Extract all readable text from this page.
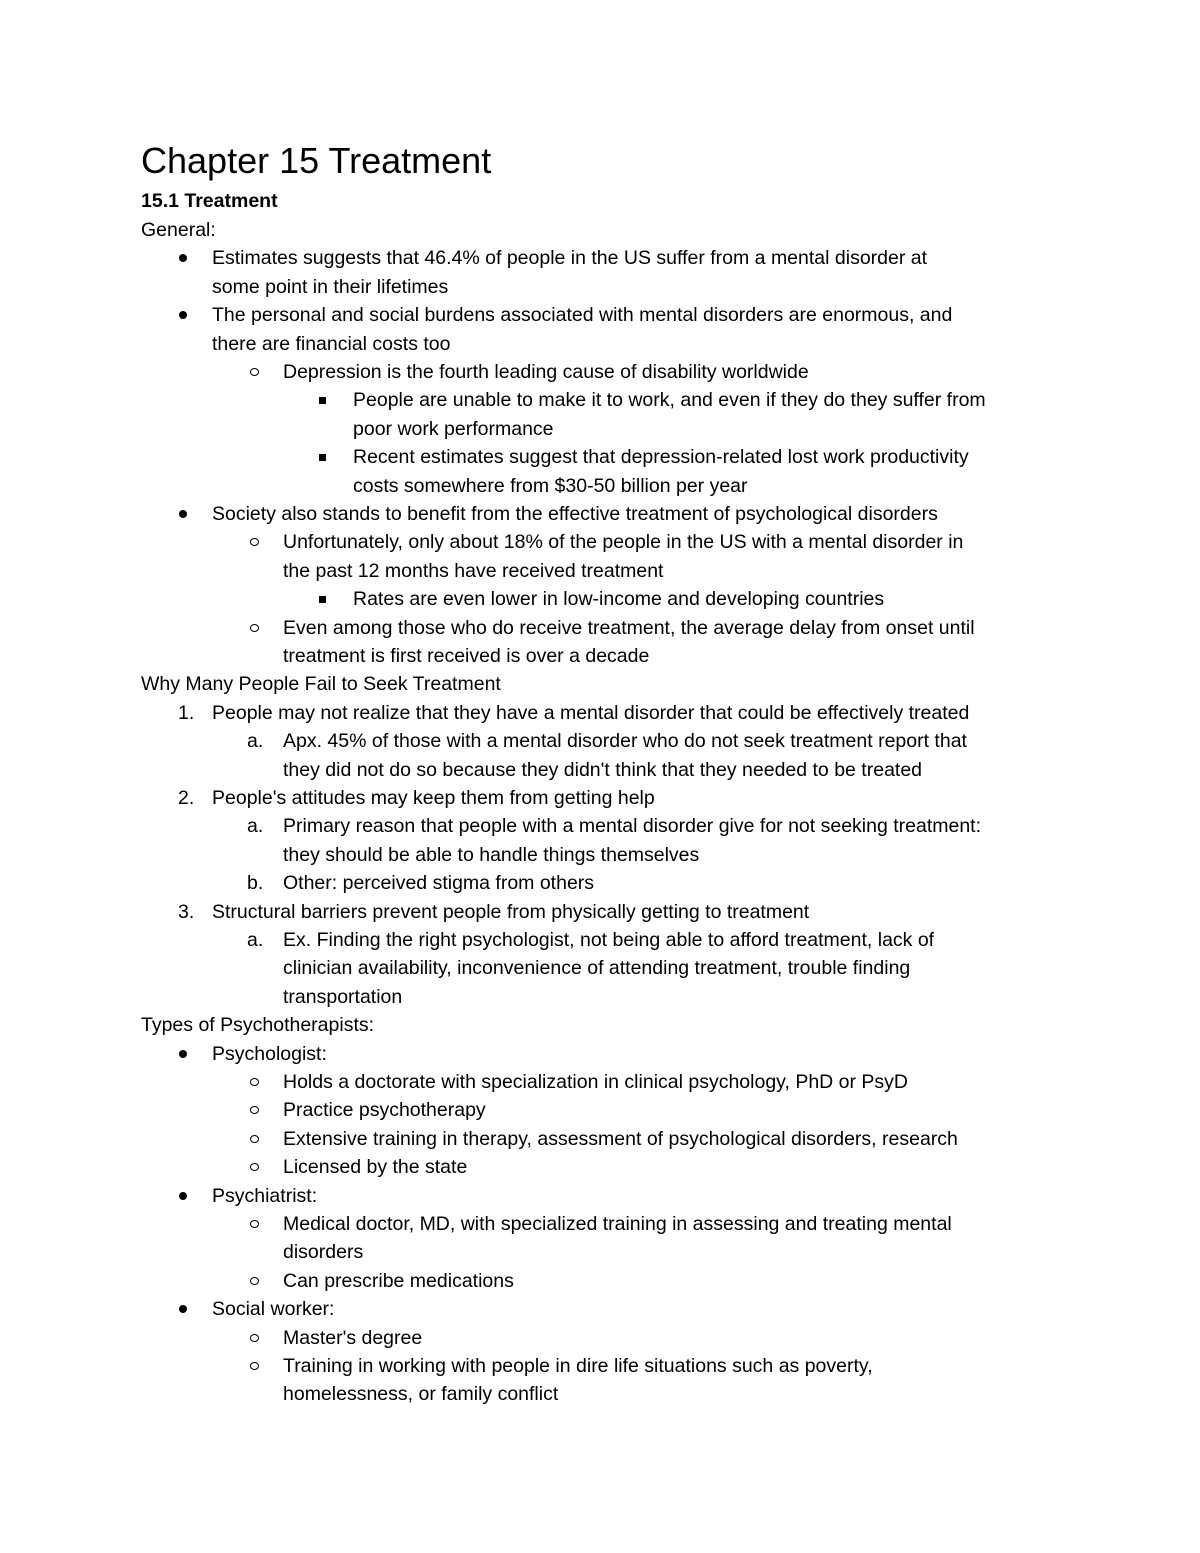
Chapter 15 Treatment
15.1 Treatment
General:
Estimates suggests that 46.4% of people in the US suffer from a mental disorder at
some point in their lifetimes
The personal and social burdens associated with mental disorders are enormous, and
there are financial costs too
Depression is the fourth leading cause of disability worldwide
People are unable to make it to work, and even if they do they suffer from
poor work performance
Recent estimates suggest that depression-related lost work productivity
costs somewhere from $30-50 billion per year
Society also stands to benefit from the effective treatment of psychological disorders
Unfortunately, only about 18% of the people in the US with a mental disorder in
the past 12 months have received treatment
Rates are even lower in low-income and developing countries
Even among those who do receive treatment, the average delay from onset until
treatment is first received is over a decade
Why Many People Fail to Seek Treatment
1. People may not realize that they have a mental disorder that could be effectively treated
a. Apx. 45% of those with a mental disorder who do not seek treatment report that
they did not do so because they didn't think that they needed to be treated
2. People's attitudes may keep them from getting help
a. Primary reason that people with a mental disorder give for not seeking treatment:
they should be able to handle things themselves
b. Other: perceived stigma from others
3. Structural barriers prevent people from physically getting to treatment
a. Ex. Finding the right psychologist, not being able to afford treatment, lack of
clinician availability, inconvenience of attending treatment, trouble finding
transportation
Types of Psychotherapists:
Psychologist:
Holds a doctorate with specialization in clinical psychology, PhD or PsyD
Practice psychotherapy
Extensive training in therapy, assessment of psychological disorders, research
Licensed by the state
Psychiatrist:
Medical doctor, MD, with specialized training in assessing and treating mental
disorders
Can prescribe medications
Social worker:
Master's degree
Training in working with people in dire life situations such as poverty,
homelessness, or family conflict
